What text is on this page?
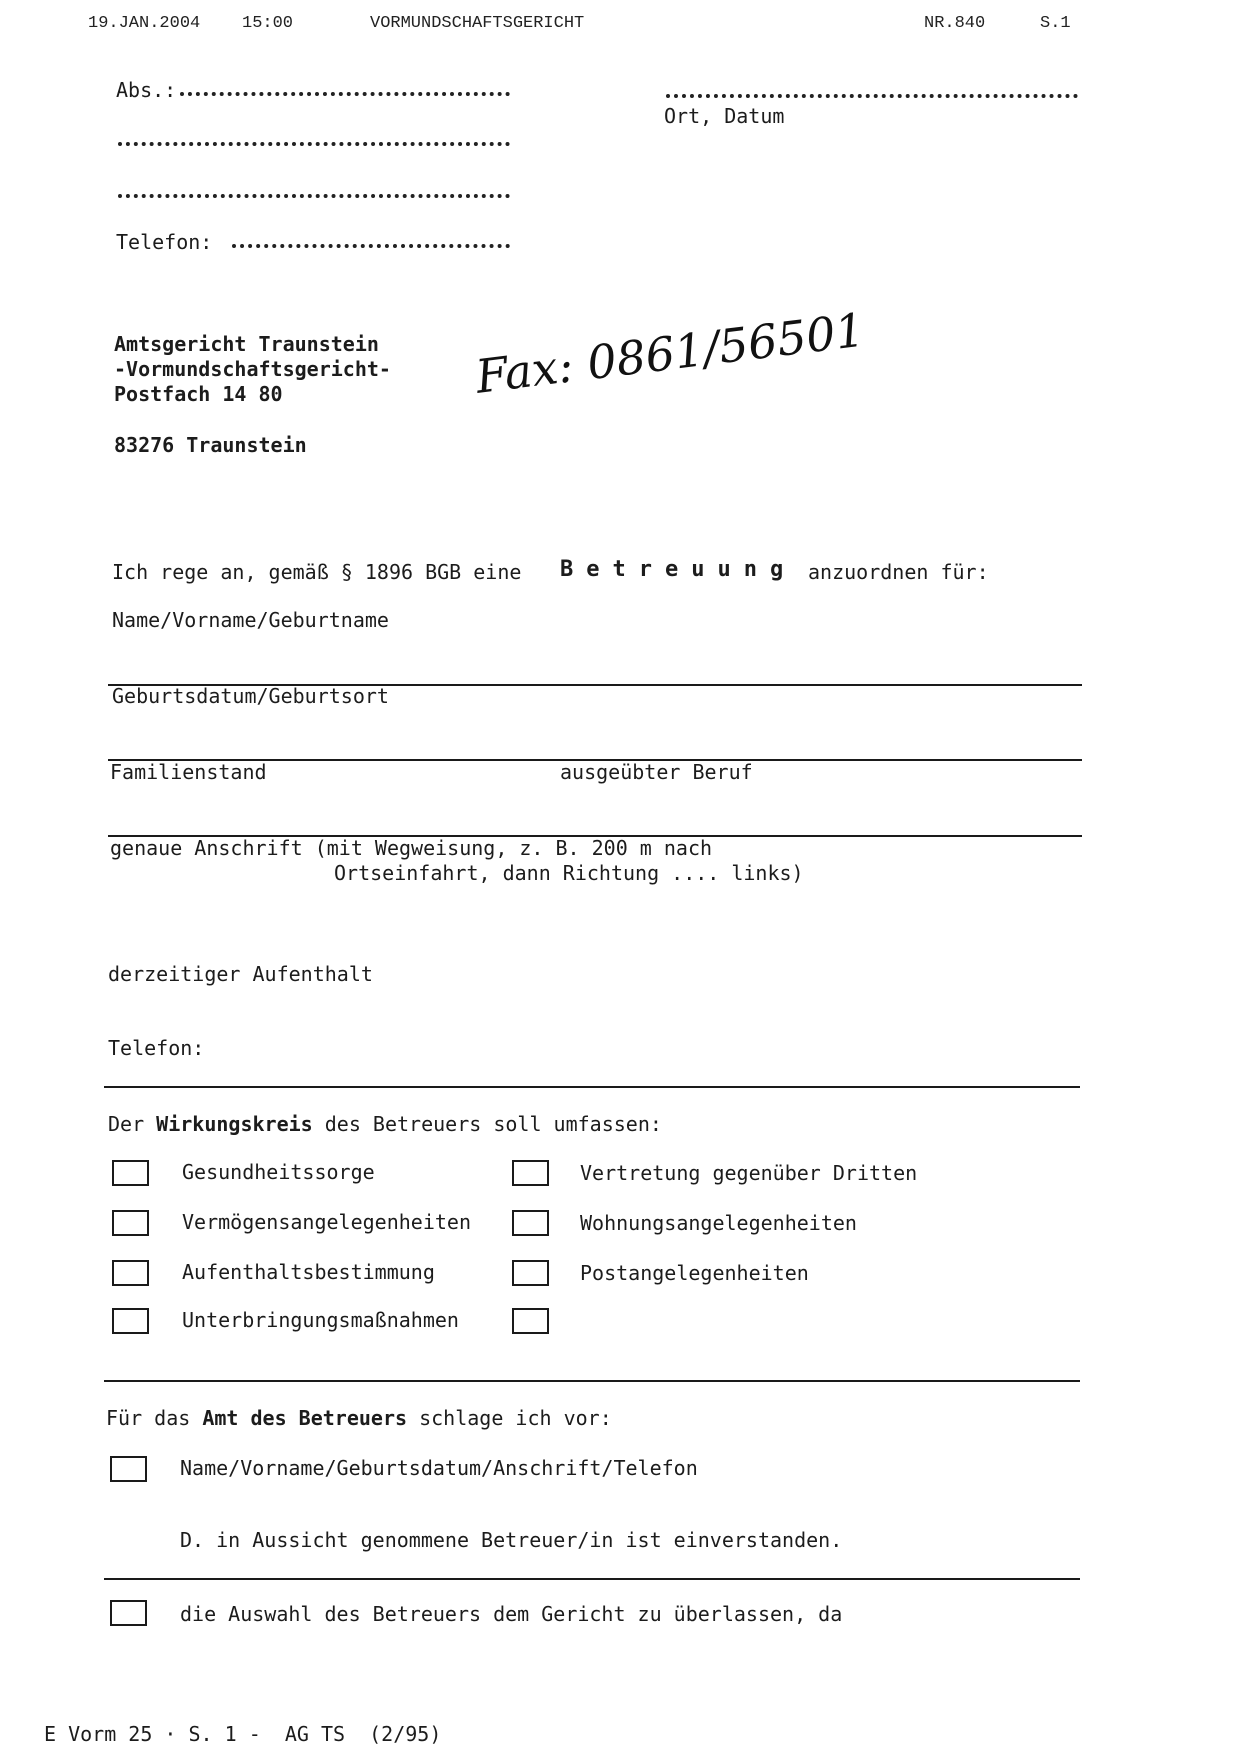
19.JAN.2004 15:00	VORMUNDSCHAFTSGERICHT	NR.840	S.1
Abs.:
Telefon:
Ort, Datum
Amtsgericht Traunstein
-Vormundschaftsgericht-
Postfach 14 80
83276 Traunstein
Fax: 0861/56501
Ich rege an, gemäß § 1896 BGB eine Betreuung anzuordnen für:
Name/Vorname/Geburtname
Geburtsdatum/Geburtsort
Familienstand	ausgeübter Beruf
genaue Anschrift (mit Wegweisung, z. B. 200 m nach
Ortseinfahrt, dann Richtung .... links)
derzeitiger Aufenthalt
Telefon:
Der Wirkungskreis des Betreuers soll umfassen:
Gesundheitssorge	Vertretung gegenüber Dritten
Vermögensangelegenheiten	Wohnungsangelegenheiten
Aufenthaltsbestimmung	Postangelegenheiten
Unterbringungsmaßnahmen
Für das Amt des Betreuers schlage ich vor:
Name/Vorname/Geburtsdatum/Anschrift/Telefon
D. in Aussicht genommene Betreuer/in ist einverstanden.
die Auswahl des Betreuers dem Gericht zu überlassen, da
E Vorm 25 · S. 1 -  AG TS  (2/95)
